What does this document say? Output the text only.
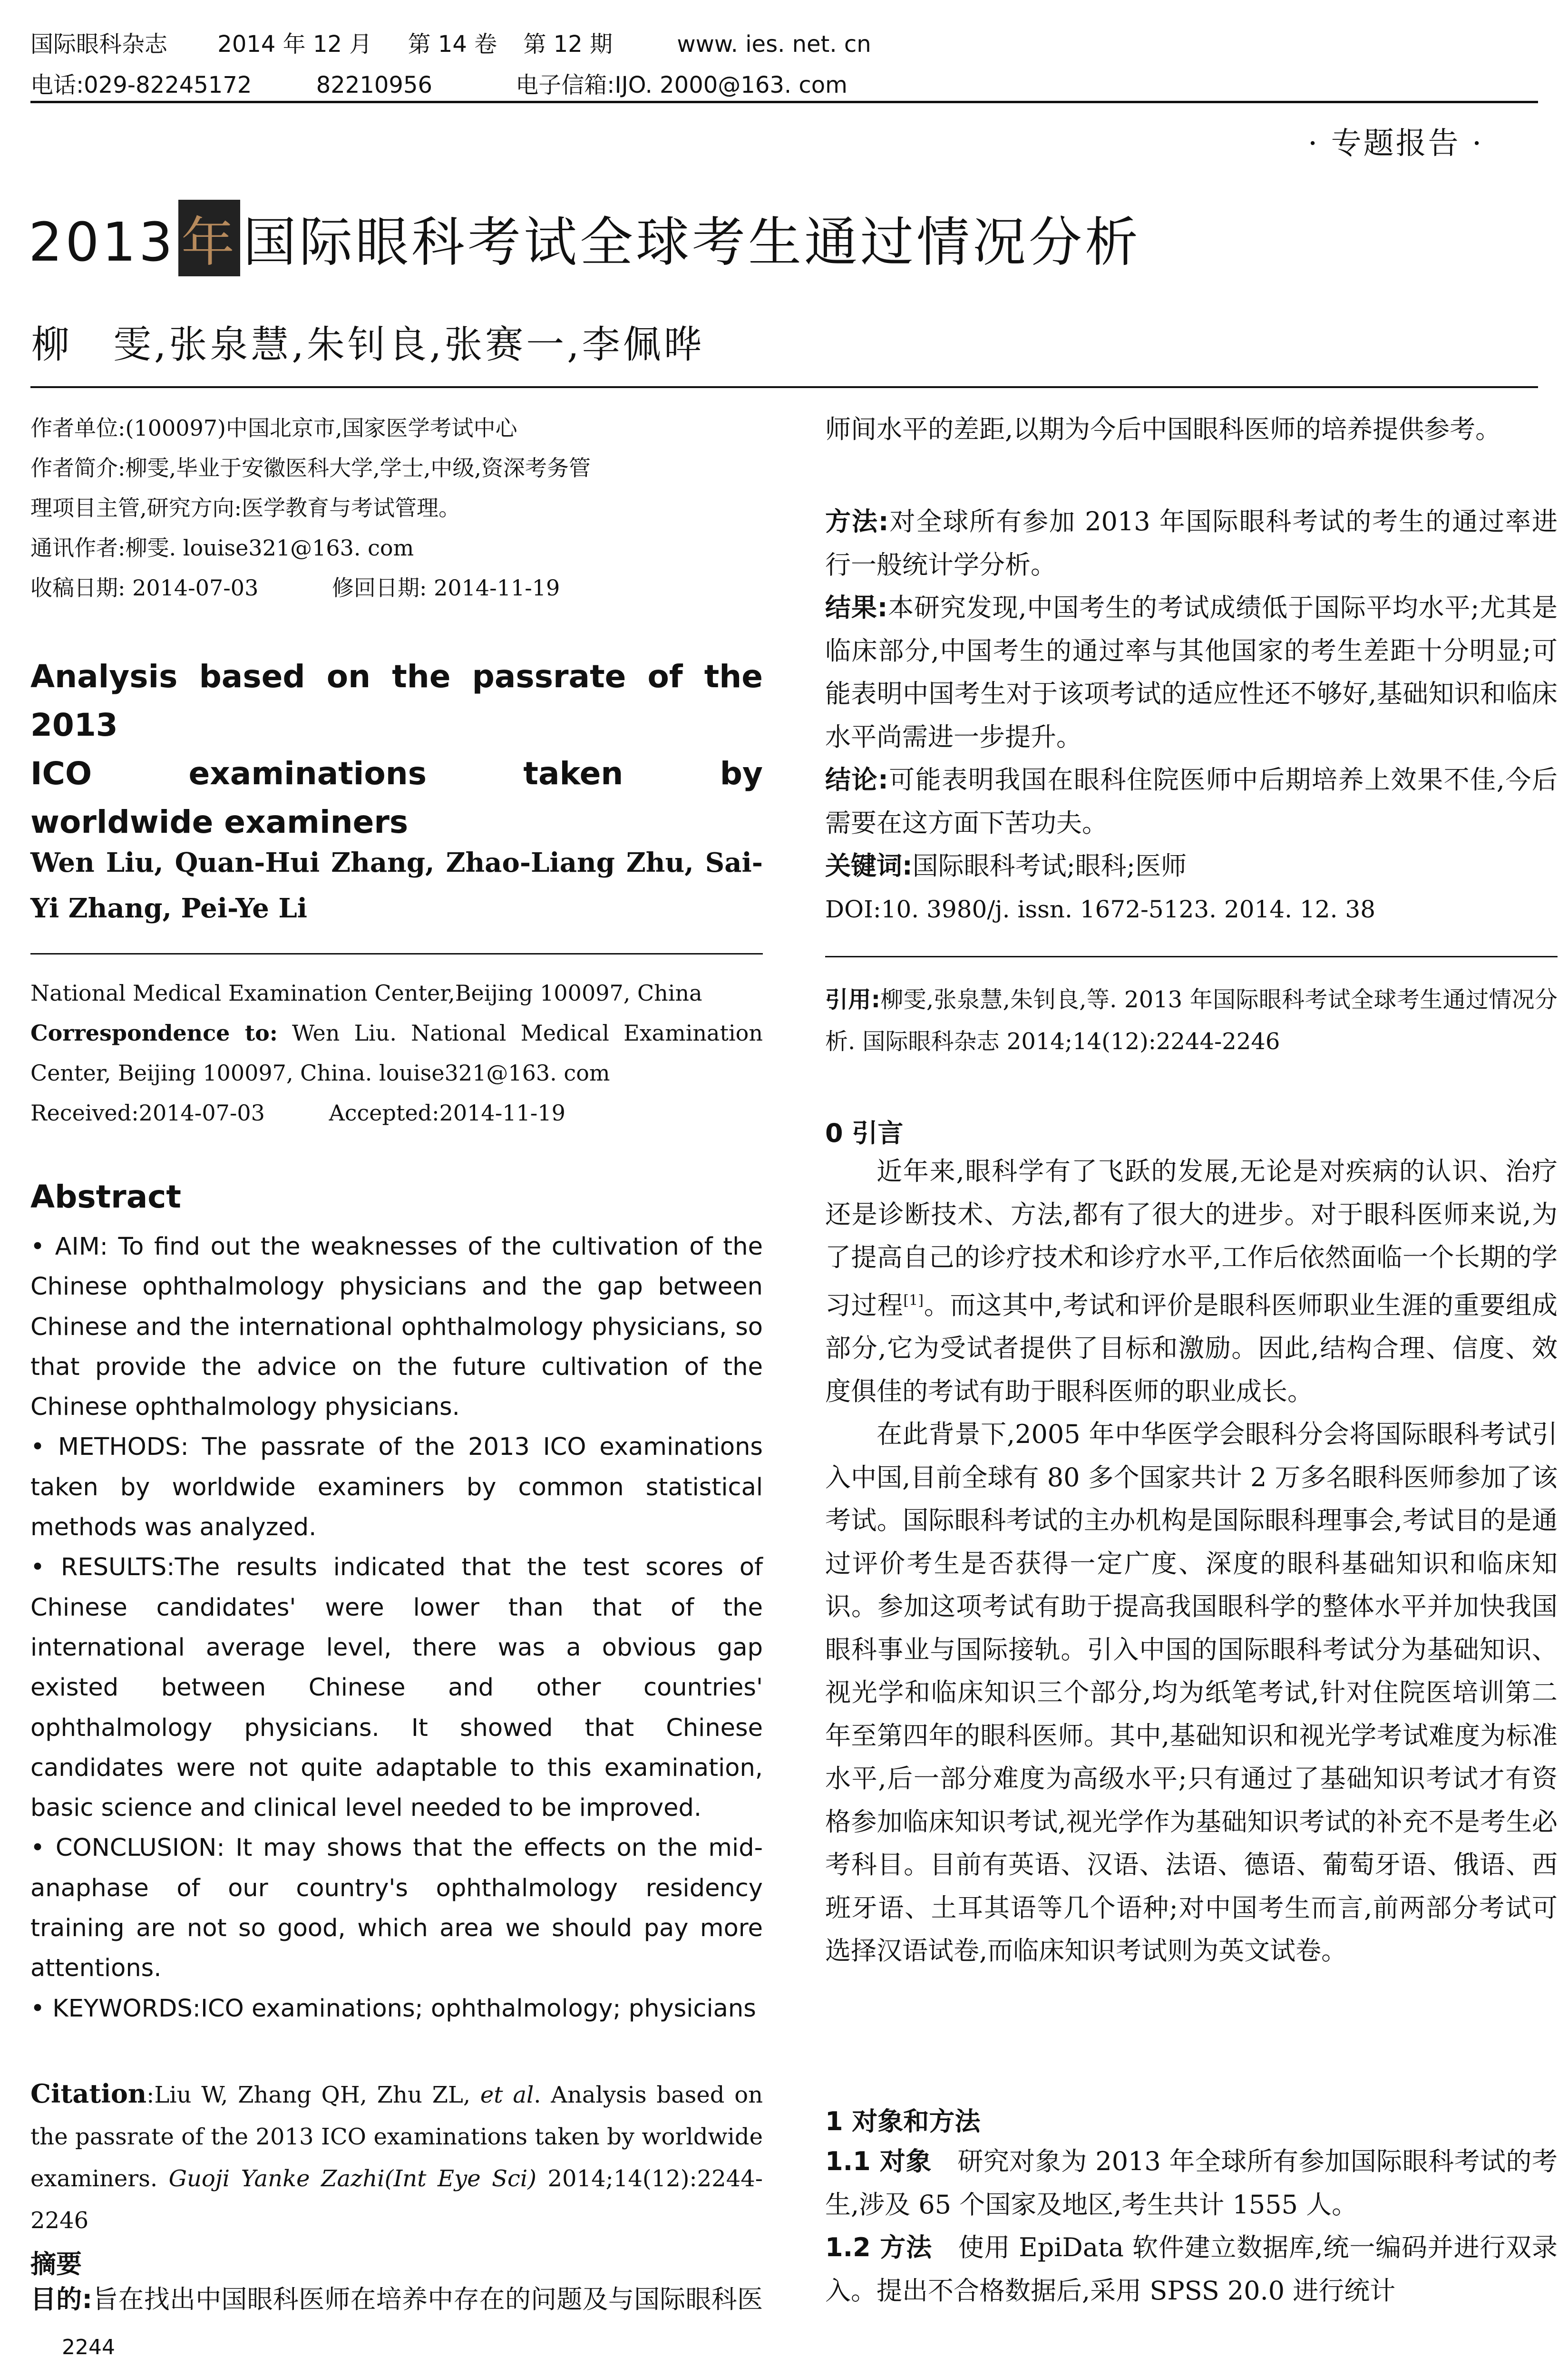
国际眼科杂志 2014 年 12 月 第 14 卷 第 12 期	www. ies. net. cn
电话:029-82245172	82210956	电子信箱:IJO. 2000@163. com
· 专题报告 ·
2013 年 国际眼科考试全球考生通过情况分析
柳　雯,张泉慧,朱钊良,张赛一,李佩晔
作者单位:(100097)中国北京市,国家医学考试中心
作者简介:柳雯,毕业于安徽医科大学,学士,中级,资深考务管
理项目主管,研究方向:医学教育与考试管理。
通讯作者:柳雯. louise321@163. com
收稿日期: 2014-07-03	修回日期: 2014-11-19
Analysis based on the passrate of the 2013
ICO examinations taken by
worldwide examiners
Wen Liu, Quan-Hui Zhang, Zhao-Liang Zhu, Sai-Yi Zhang, Pei-Ye Li
National Medical Examination Center,Beijing 100097, China

Correspondence to: Wen Liu. National Medical Examination Center, Beijing 100097, China. louise321@163. com

Received:2014-07-03	Accepted:2014-11-19
Abstract

• AIM: To find out the weaknesses of the cultivation of the Chinese ophthalmology physicians and the gap between Chinese and the international ophthalmology physicians, so that provide the advice on the future cultivation of the Chinese ophthalmology physicians.

• METHODS: The passrate of the 2013 ICO examinations taken by worldwide examiners by common statistical methods was analyzed.

• RESULTS:The results indicated that the test scores of Chinese candidates' were lower than that of the international average level, there was a obvious gap existed between Chinese and other countries' ophthalmology physicians. It showed that Chinese candidates were not quite adaptable to this examination, basic science and clinical level needed to be improved.

• CONCLUSION: It may shows that the effects on the mid-anaphase of our country's ophthalmology residency training are not so good, which area we should pay more attentions.

• KEYWORDS:ICO examinations; ophthalmology; physicians

Citation:Liu W, Zhang QH, Zhu ZL, et al. Analysis based on the passrate of the 2013 ICO examinations taken by worldwide examiners. Guoji Yanke Zazhi(Int Eye Sci) 2014;14(12):2244-2246

摘要

目的:旨在找出中国眼科医师在培养中存在的问题及与国际眼科医

2244

师间水平的差距,以期为今后中国眼科医师的培养提供参考。

方法:对全球所有参加 2013 年国际眼科考试的考生的通过率进行一般统计学分析。

结果:本研究发现,中国考生的考试成绩低于国际平均水平;尤其是临床部分,中国考生的通过率与其他国家的考生差距十分明显;可能表明中国考生对于该项考试的适应性还不够好,基础知识和临床水平尚需进一步提升。

结论:可能表明我国在眼科住院医师中后期培养上效果不佳,今后需要在这方面下苦功夫。

关键词:国际眼科考试;眼科;医师

DOI:10. 3980/j. issn. 1672-5123. 2014. 12. 38

引用:柳雯,张泉慧,朱钊良,等. 2013 年国际眼科考试全球考生通过情况分析. 国际眼科杂志 2014;14(12):2244-2246

0 引言

近年来,眼科学有了飞跃的发展,无论是对疾病的认识、治疗还是诊断技术、方法,都有了很大的进步。对于眼科医师来说,为了提高自己的诊疗技术和诊疗水平,工作后依然面临一个长期的学习过程[1]。而这其中,考试和评价是眼科医师职业生涯的重要组成部分,它为受试者提供了目标和激励。因此,结构合理、信度、效度俱佳的考试有助于眼科医师的职业成长。

在此背景下,2005 年中华医学会眼科分会将国际眼科考试引入中国,目前全球有 80 多个国家共计 2 万多名眼科医师参加了该考试。国际眼科考试的主办机构是国际眼科理事会,考试目的是通过评价考生是否获得一定广度、深度的眼科基础知识和临床知识。参加这项考试有助于提高我国眼科学的整体水平并加快我国眼科事业与国际接轨。引入中国的国际眼科考试分为基础知识、视光学和临床知识三个部分,均为纸笔考试,针对住院医培训第二年至第四年的眼科医师。其中,基础知识和视光学考试难度为标准水平,后一部分难度为高级水平;只有通过了基础知识考试才有资格参加临床知识考试,视光学作为基础知识考试的补充不是考生必考科目。目前有英语、汉语、法语、德语、葡萄牙语、俄语、西班牙语、土耳其语等几个语种;对中国考生而言,前两部分考试可选择汉语试卷,而临床知识考试则为英文试卷。

1 对象和方法

1.1 对象　研究对象为 2013 年全球所有参加国际眼科考试的考生,涉及 65 个国家及地区,考生共计 1555 人。

1.2 方法　使用 EpiData 软件建立数据库,统一编码并进行双录入。提出不合格数据后,采用 SPSS 20.0 进行统计
